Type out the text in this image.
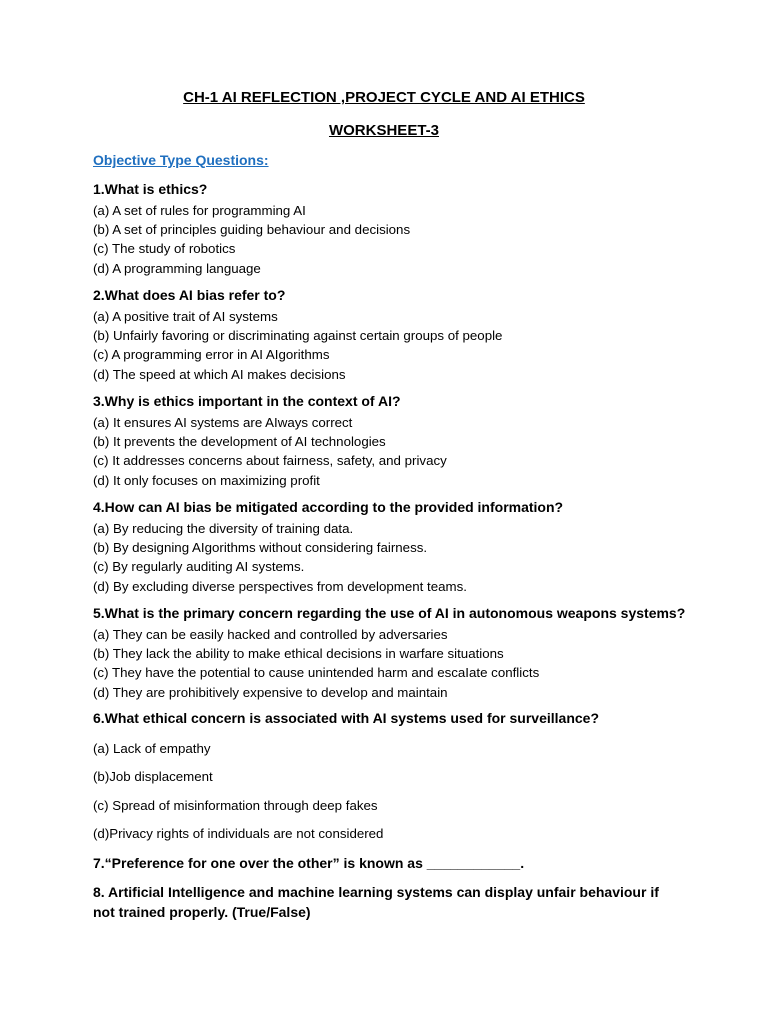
CH-1 AI REFLECTION ,PROJECT CYCLE AND AI ETHICS
WORKSHEET-3
Objective Type Questions:
1.What is ethics?
(a) A set of rules for programming AI
(b) A set of principles guiding behaviour and decisions
(c) The study of robotics
(d) A programming language
2.What does AI bias refer to?
(a) A positive trait of AI systems
(b) Unfairly favoring or discriminating against certain groups of people
(c) A programming error in AI AIgorithms
(d) The speed at which AI makes decisions
3.Why is ethics important in the context of AI?
(a) It ensures AI systems are AIways correct
(b) It prevents the development of AI technologies
(c) It addresses concerns about fairness, safety, and privacy
(d) It only focuses on maximizing profit
4.How can AI bias be mitigated according to the provided information?
(a) By reducing the diversity of training data.
(b) By designing AIgorithms without considering fairness.
(c) By regularly auditing AI systems.
(d) By excluding diverse perspectives from development teams.
5.What is the primary concern regarding the use of AI in autonomous weapons systems?
(a) They can be easily hacked and controlled by adversaries
(b) They lack the ability to make ethical decisions in warfare situations
(c) They have the potential to cause unintended harm and escaIate conflicts
(d) They are prohibitively expensive to develop and maintain
6.What ethical concern is associated with AI systems used for surveillance?
(a) Lack of empathy
(b)Job displacement
(c) Spread of misinformation through deep fakes
(d)Privacy rights of individuals are not considered
7.“Preference for one over the other” is known as ____________.
8. Artificial Intelligence and machine learning systems can display unfair behaviour if not trained properly. (True/False)
